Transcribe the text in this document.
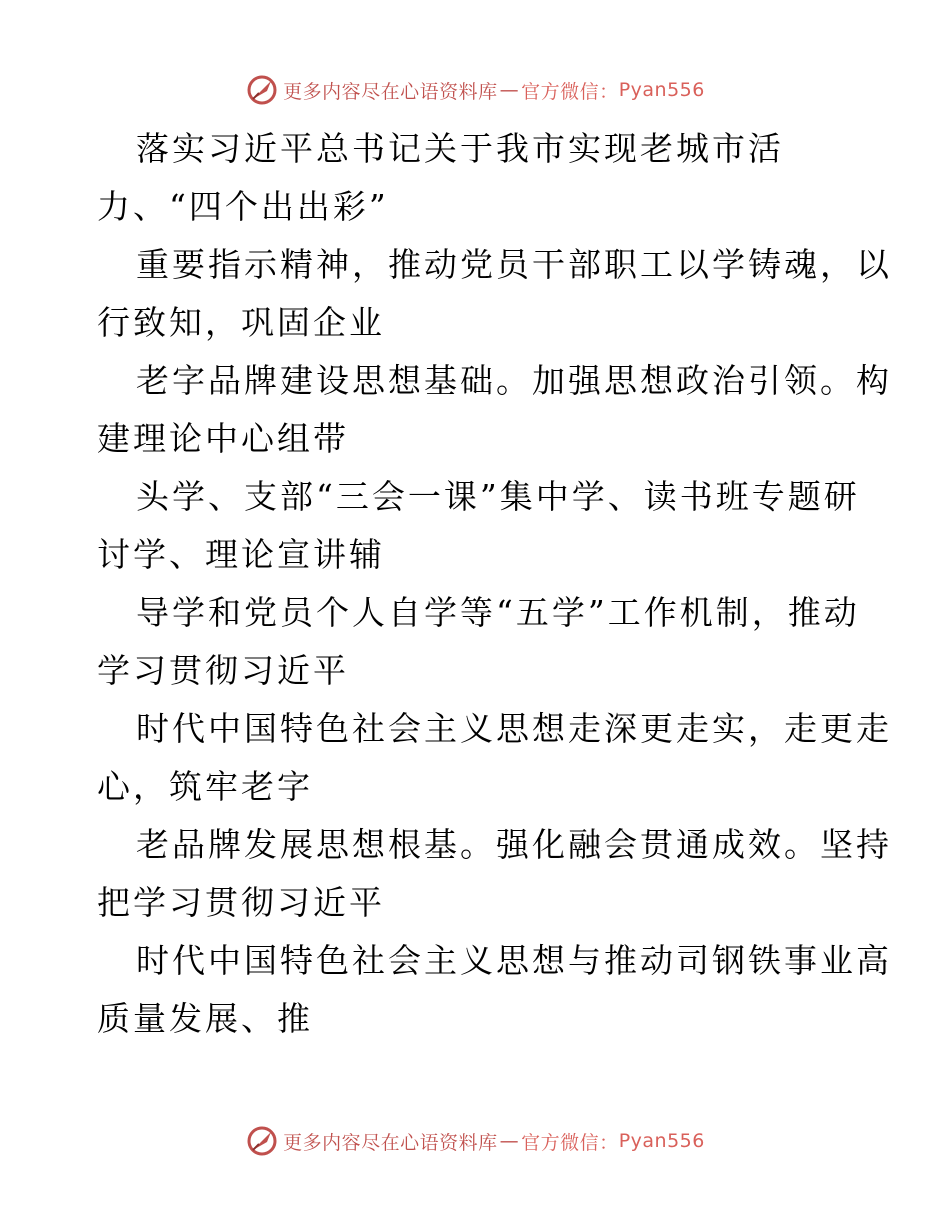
更多内容尽在心语资料库 — 官方微信： Pyan556
落实习近平总书记关于我市实现老城市活
力、“四个出出彩”
重要指示精神，推动党员干部职工以学铸魂，以
行致知，巩固企业
老字品牌建设思想基础。加强思想政治引领。构
建理论中心组带
头学、支部“三会一课”集中学、读书班专题研
讨学、理论宣讲辅
导学和党员个人自学等“五学”工作机制，推动
学习贯彻习近平
时代中国特色社会主义思想走深更走实，走更走
心，筑牢老字
老品牌发展思想根基。强化融会贯通成效。坚持
把学习贯彻习近平
时代中国特色社会主义思想与推动司钢铁事业高
质量发展、推
更多内容尽在心语资料库 — 官方微信： Pyan556
